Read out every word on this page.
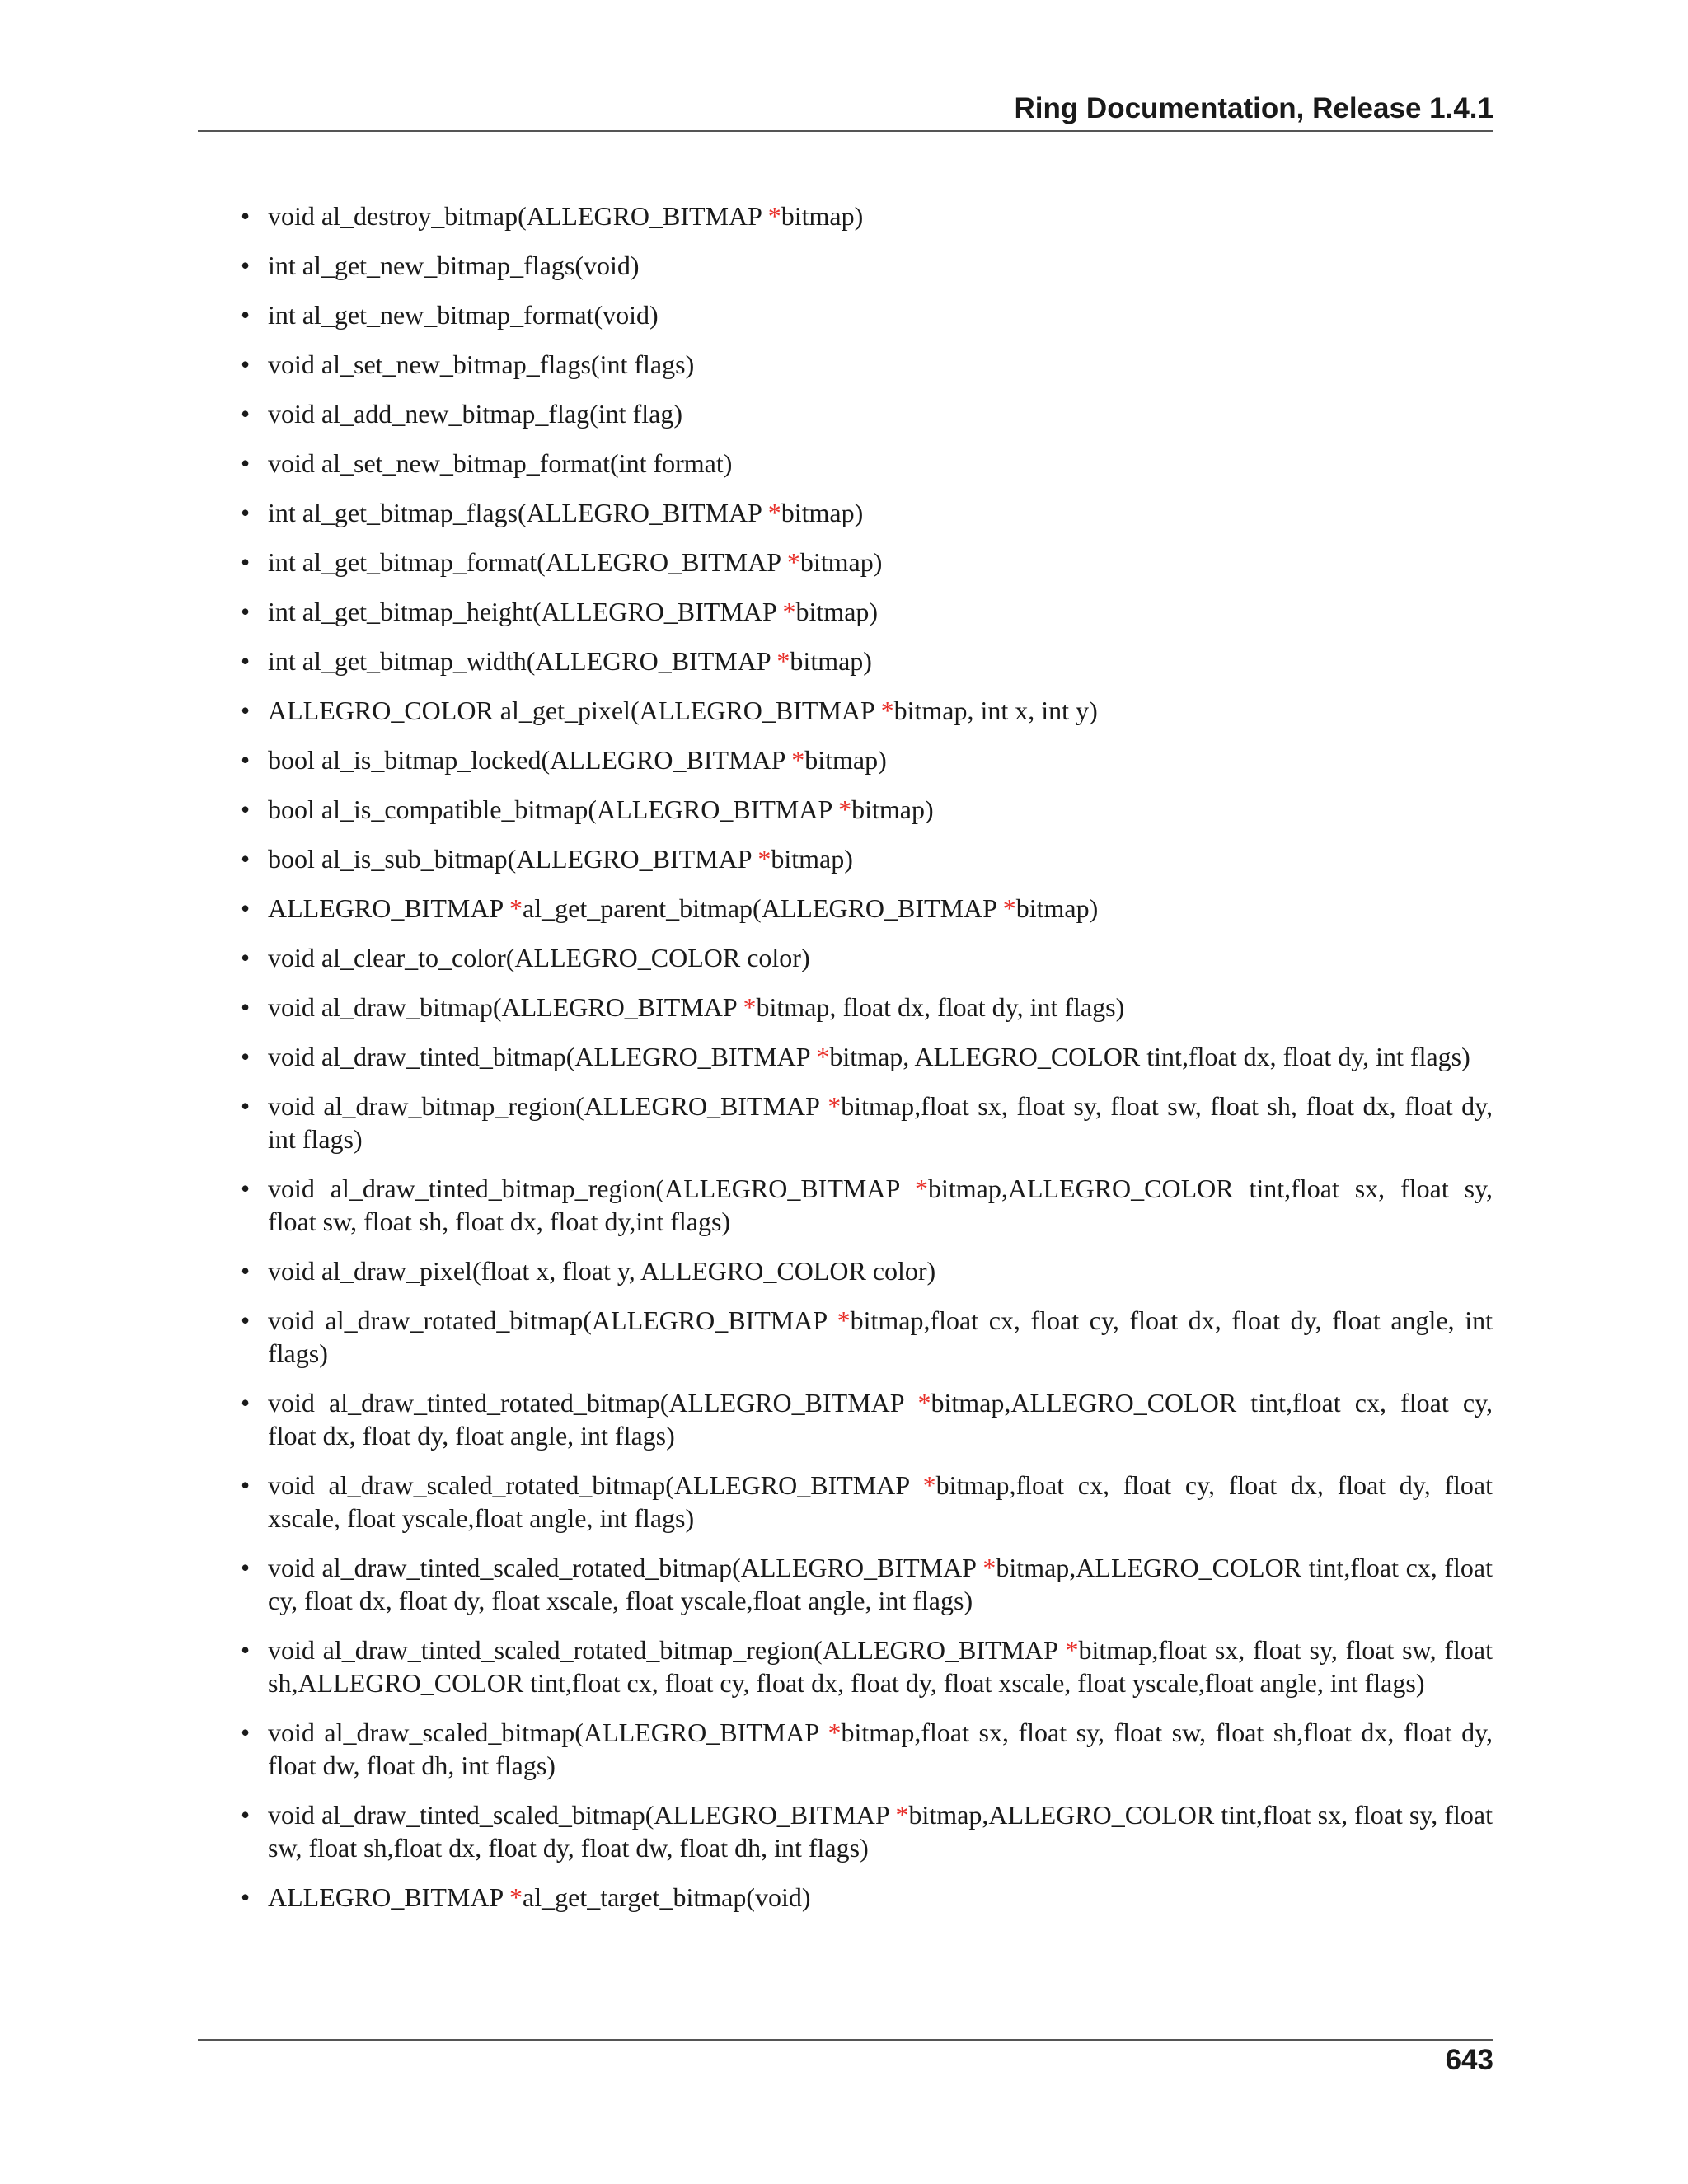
Ring Documentation, Release 1.4.1
• void al_destroy_bitmap(ALLEGRO_BITMAP *bitmap)
• int al_get_new_bitmap_flags(void)
• int al_get_new_bitmap_format(void)
• void al_set_new_bitmap_flags(int flags)
• void al_add_new_bitmap_flag(int flag)
• void al_set_new_bitmap_format(int format)
• int al_get_bitmap_flags(ALLEGRO_BITMAP *bitmap)
• int al_get_bitmap_format(ALLEGRO_BITMAP *bitmap)
• int al_get_bitmap_height(ALLEGRO_BITMAP *bitmap)
• int al_get_bitmap_width(ALLEGRO_BITMAP *bitmap)
• ALLEGRO_COLOR al_get_pixel(ALLEGRO_BITMAP *bitmap, int x, int y)
• bool al_is_bitmap_locked(ALLEGRO_BITMAP *bitmap)
• bool al_is_compatible_bitmap(ALLEGRO_BITMAP *bitmap)
• bool al_is_sub_bitmap(ALLEGRO_BITMAP *bitmap)
• ALLEGRO_BITMAP *al_get_parent_bitmap(ALLEGRO_BITMAP *bitmap)
• void al_clear_to_color(ALLEGRO_COLOR color)
• void al_draw_bitmap(ALLEGRO_BITMAP *bitmap, float dx, float dy, int flags)
• void al_draw_tinted_bitmap(ALLEGRO_BITMAP *bitmap, ALLEGRO_COLOR tint,float dx, float dy, int flags)
• void al_draw_bitmap_region(ALLEGRO_BITMAP *bitmap,float sx, float sy, float sw, float sh, float dx, float dy, int flags)
• void al_draw_tinted_bitmap_region(ALLEGRO_BITMAP *bitmap,ALLEGRO_COLOR tint,float sx, float sy, float sw, float sh, float dx, float dy,int flags)
• void al_draw_pixel(float x, float y, ALLEGRO_COLOR color)
• void al_draw_rotated_bitmap(ALLEGRO_BITMAP *bitmap,float cx, float cy, float dx, float dy, float angle, int flags)
• void al_draw_tinted_rotated_bitmap(ALLEGRO_BITMAP *bitmap,ALLEGRO_COLOR tint,float cx, float cy, float dx, float dy, float angle, int flags)
• void al_draw_scaled_rotated_bitmap(ALLEGRO_BITMAP *bitmap,float cx, float cy, float dx, float dy, float xscale, float yscale,float angle, int flags)
• void al_draw_tinted_scaled_rotated_bitmap(ALLEGRO_BITMAP *bitmap,ALLEGRO_COLOR tint,float cx, float cy, float dx, float dy, float xscale, float yscale,float angle, int flags)
• void al_draw_tinted_scaled_rotated_bitmap_region(ALLEGRO_BITMAP *bitmap,float sx, float sy, float sw, float sh,ALLEGRO_COLOR tint,float cx, float cy, float dx, float dy, float xscale, float yscale,float angle, int flags)
• void al_draw_scaled_bitmap(ALLEGRO_BITMAP *bitmap,float sx, float sy, float sw, float sh,float dx, float dy, float dw, float dh, int flags)
• void al_draw_tinted_scaled_bitmap(ALLEGRO_BITMAP *bitmap,ALLEGRO_COLOR tint,float sx, float sy, float sw, float sh,float dx, float dy, float dw, float dh, int flags)
• ALLEGRO_BITMAP *al_get_target_bitmap(void)
643
